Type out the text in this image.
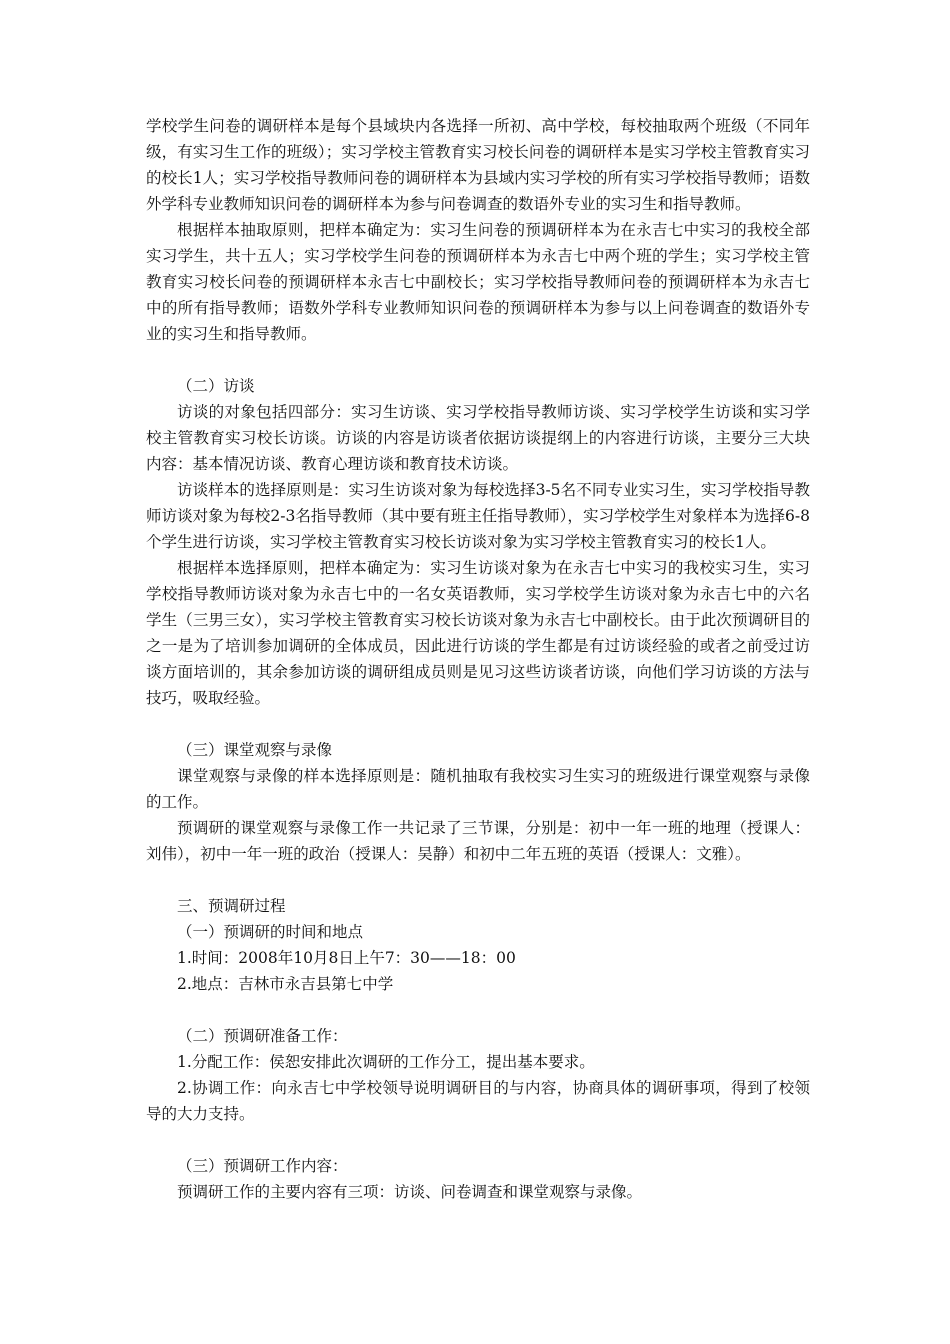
学校学生问卷的调研样本是每个县域块内各选择一所初、高中学校，每校抽取两个班级（不同年级，有实习生工作的班级）；实习学校主管教育实习校长问卷的调研样本是实习学校主管教育实习的校长1人；实习学校指导教师问卷的调研样本为县域内实习学校的所有实习学校指导教师；语数外学科专业教师知识问卷的调研样本为参与问卷调查的数语外专业的实习生和指导教师。

根据样本抽取原则，把样本确定为：实习生问卷的预调研样本为在永吉七中实习的我校全部实习学生，共十五人；实习学校学生问卷的预调研样本为永吉七中两个班的学生；实习学校主管教育实习校长问卷的预调研样本永吉七中副校长；实习学校指导教师问卷的预调研样本为永吉七中的所有指导教师；语数外学科专业教师知识问卷的预调研样本为参与以上问卷调查的数语外专业的实习生和指导教师。

（二）访谈

访谈的对象包括四部分：实习生访谈、实习学校指导教师访谈、实习学校学生访谈和实习学校主管教育实习校长访谈。访谈的内容是访谈者依据访谈提纲上的内容进行访谈，主要分三大块内容：基本情况访谈、教育心理访谈和教育技术访谈。

访谈样本的选择原则是：实习生访谈对象为每校选择3-5名不同专业实习生，实习学校指导教师访谈对象为每校2-3名指导教师（其中要有班主任指导教师），实习学校学生对象样本为选择6-8个学生进行访谈，实习学校主管教育实习校长访谈对象为实习学校主管教育实习的校长1人。

根据样本选择原则，把样本确定为：实习生访谈对象为在永吉七中实习的我校实习生，实习学校指导教师访谈对象为永吉七中的一名女英语教师，实习学校学生访谈对象为永吉七中的六名学生（三男三女），实习学校主管教育实习校长访谈对象为永吉七中副校长。由于此次预调研目的之一是为了培训参加调研的全体成员，因此进行访谈的学生都是有过访谈经验的或者之前受过访谈方面培训的，其余参加访谈的调研组成员则是见习这些访谈者访谈，向他们学习访谈的方法与技巧，吸取经验。

（三）课堂观察与录像

课堂观察与录像的样本选择原则是：随机抽取有我校实习生实习的班级进行课堂观察与录像的工作。

预调研的课堂观察与录像工作一共记录了三节课，分别是：初中一年一班的地理（授课人：刘伟），初中一年一班的政治（授课人：吴静）和初中二年五班的英语（授课人：文雅）。

三、预调研过程

（一）预调研的时间和地点

1.时间：2008年10月8日上午7：30——18：00

2.地点：吉林市永吉县第七中学

（二）预调研准备工作：

1.分配工作：侯恕安排此次调研的工作分工，提出基本要求。

2.协调工作：向永吉七中学校领导说明调研目的与内容，协商具体的调研事项，得到了校领导的大力支持。

（三）预调研工作内容：

预调研工作的主要内容有三项：访谈、问卷调查和课堂观察与录像。
